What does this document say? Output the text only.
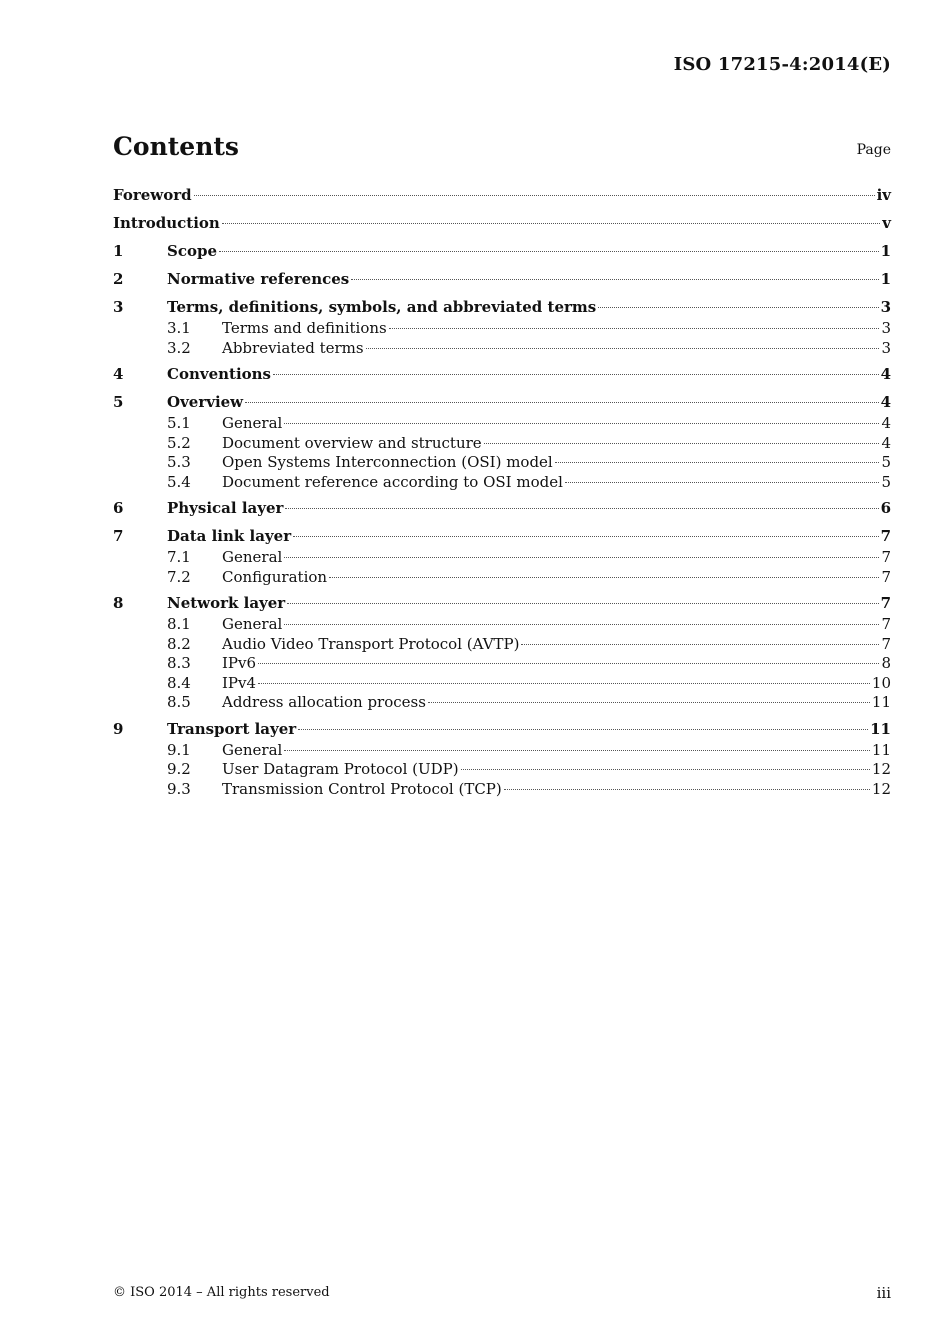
ISO 17215-4:2014(E)
Contents	Page
Foreword	iv
Introduction	v
1	Scope	1
2	Normative references	1
3	Terms, definitions, symbols, and abbreviated terms	3
3.1	Terms and definitions	3
3.2	Abbreviated terms	3
4	Conventions	4
5	Overview	4
5.1	General	4
5.2	Document overview and structure	4
5.3	Open Systems Interconnection (OSI) model	5
5.4	Document reference according to OSI model	5
6	Physical layer	6
7	Data link layer	7
7.1	General	7
7.2	Configuration	7
8	Network layer	7
8.1	General	7
8.2	Audio Video Transport Protocol (AVTP)	7
8.3	IPv6	8
8.4	IPv4	10
8.5	Address allocation process	11
9	Transport layer	11
9.1	General	11
9.2	User Datagram Protocol (UDP)	12
9.3	Transmission Control Protocol (TCP)	12
© ISO 2014 – All rights reserved	iii
